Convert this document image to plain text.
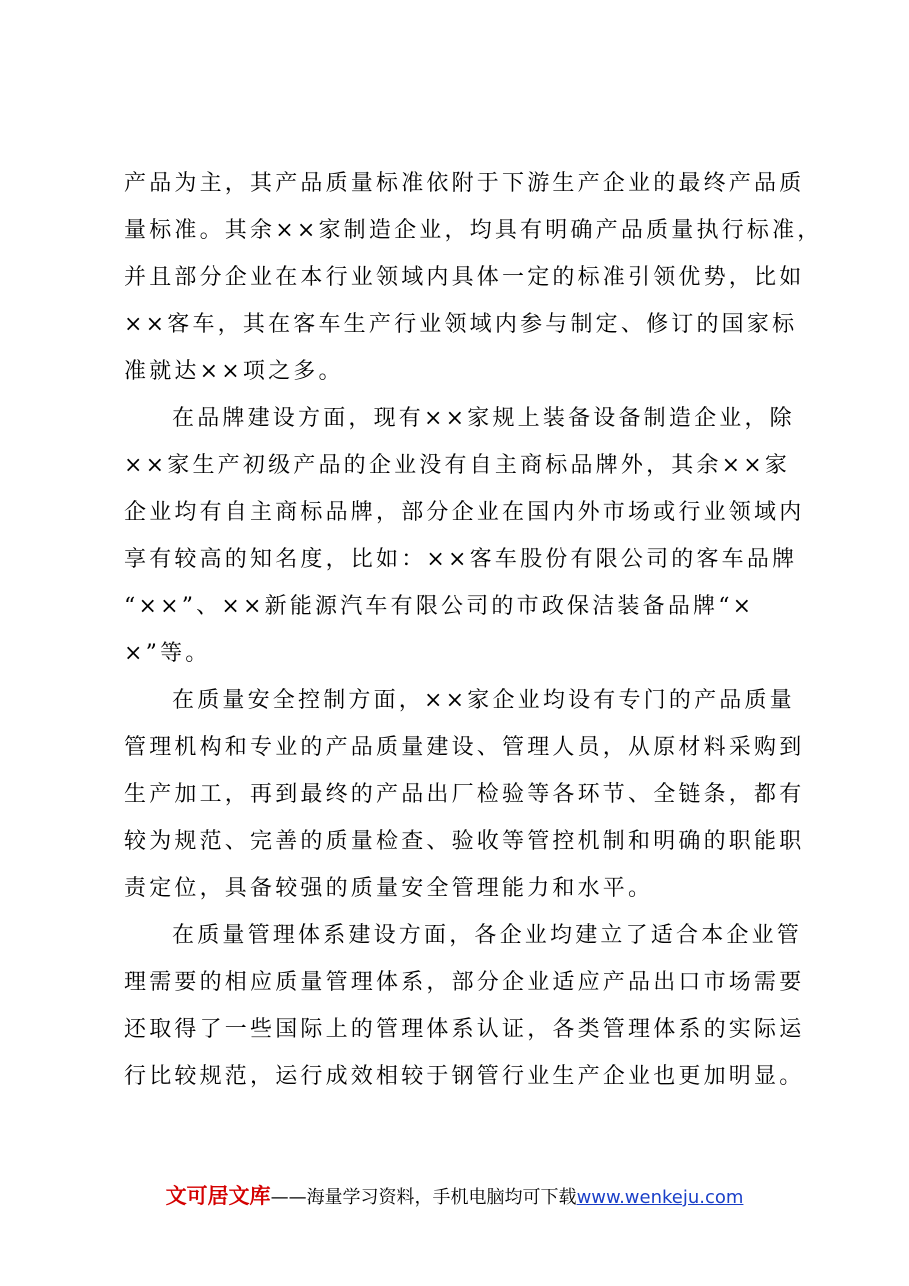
产品为主，其产品质量标准依附于下游生产企业的最终产品质
量标准。其余××家制造企业，均具有明确产品质量执行标准，
并且部分企业在本行业领域内具体一定的标准引领优势，比如
××客车，其在客车生产行业领域内参与制定、修订的国家标
准就达××项之多。
在品牌建设方面，现有××家规上装备设备制造企业，除
××家生产初级产品的企业没有自主商标品牌外，其余××家
企业均有自主商标品牌，部分企业在国内外市场或行业领域内
享有较高的知名度，比如：××客车股份有限公司的客车品牌
“××”、××新能源汽车有限公司的市政保洁装备品牌“×
×”等。
在质量安全控制方面，××家企业均设有专门的产品质量
管理机构和专业的产品质量建设、管理人员，从原材料采购到
生产加工，再到最终的产品出厂检验等各环节、全链条，都有
较为规范、完善的质量检查、验收等管控机制和明确的职能职
责定位，具备较强的质量安全管理能力和水平。
在质量管理体系建设方面，各企业均建立了适合本企业管
理需要的相应质量管理体系，部分企业适应产品出口市场需要
还取得了一些国际上的管理体系认证，各类管理体系的实际运
行比较规范，运行成效相较于钢管行业生产企业也更加明显。
文可居文库——海量学习资料，手机电脑均可下载www.wenkeju.com
